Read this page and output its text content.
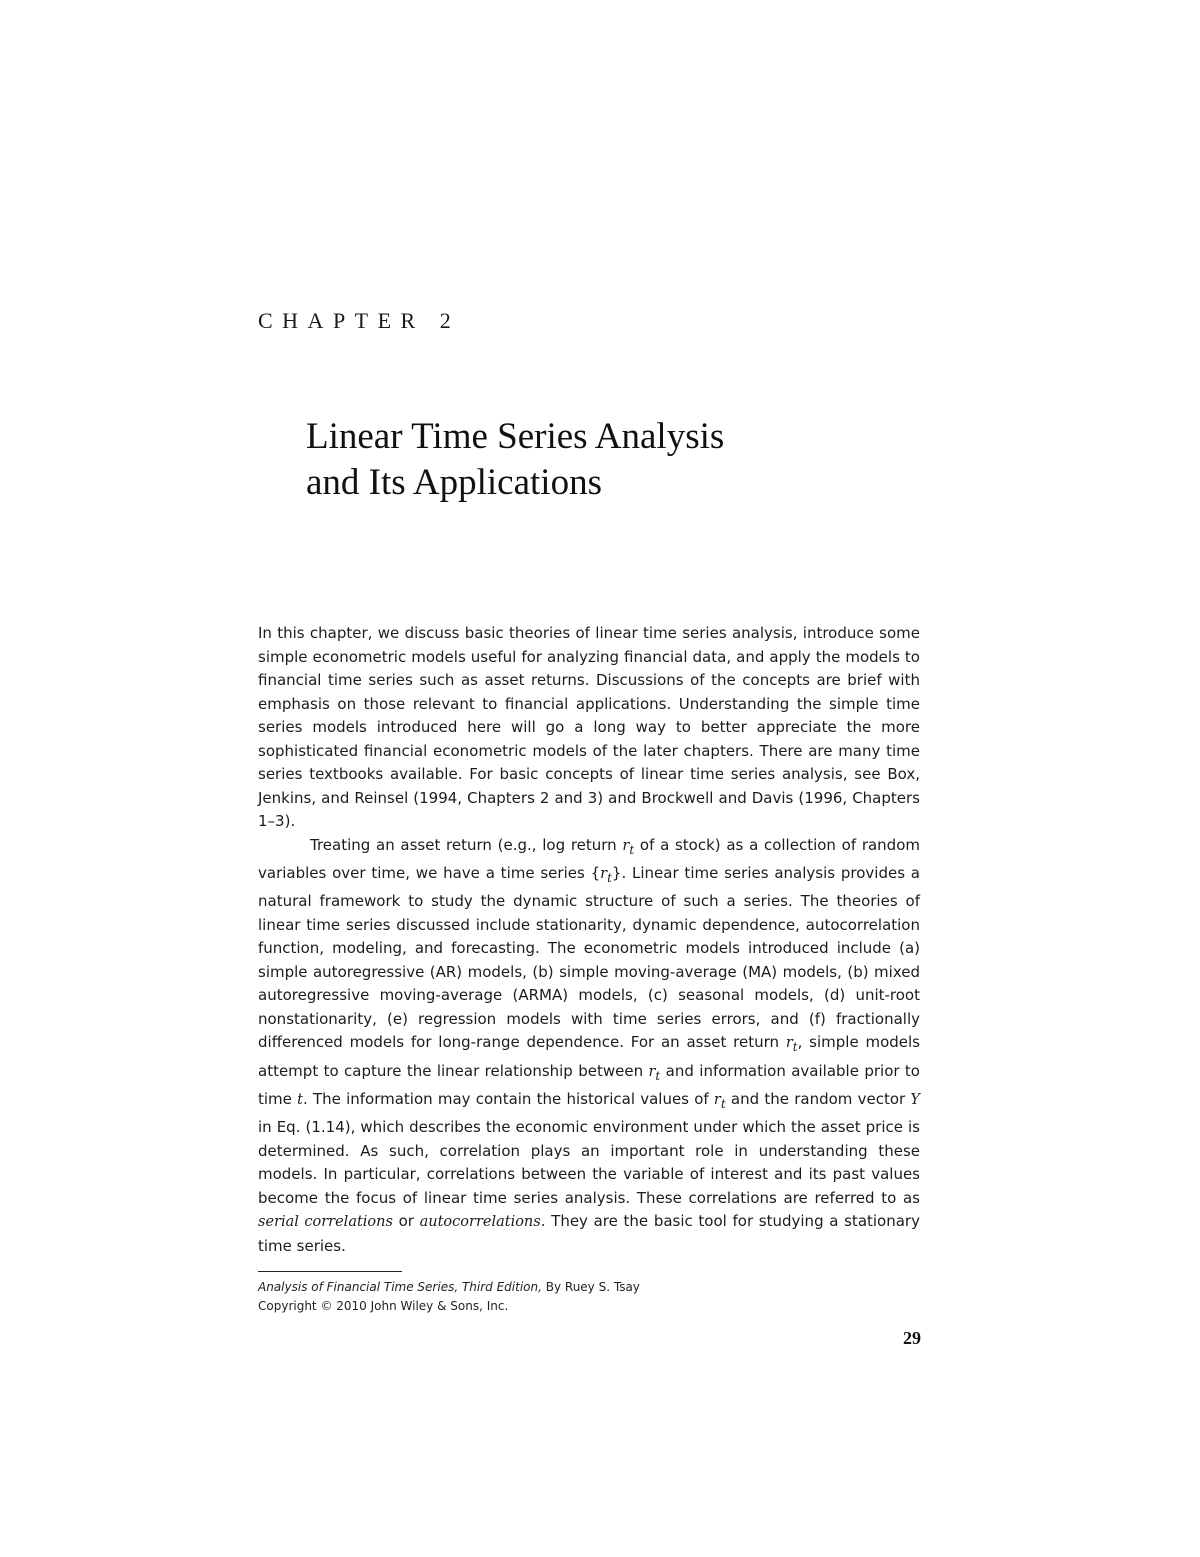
CHAPTER 2
Linear Time Series Analysis
and Its Applications

In this chapter, we discuss basic theories of linear time series analysis, introduce some simple econometric models useful for analyzing financial data, and apply the models to financial time series such as asset returns. Discussions of the concepts are brief with emphasis on those relevant to financial applications. Understanding the simple time series models introduced here will go a long way to better appreciate the more sophisticated financial econometric models of the later chapters. There are many time series textbooks available. For basic concepts of linear time series analysis, see Box, Jenkins, and Reinsel (1994, Chapters 2 and 3) and Brockwell and Davis (1996, Chapters 1–3).

Treating an asset return (e.g., log return $r_t$ of a stock) as a collection of random variables over time, we have a time series $\{r_t\}$. Linear time series analysis provides a natural framework to study the dynamic structure of such a series. The theories of linear time series discussed include stationarity, dynamic dependence, autocorrelation function, modeling, and forecasting. The econometric models introduced include (a) simple autoregressive (AR) models, (b) simple moving-average (MA) models, (b) mixed autoregressive moving-average (ARMA) models, (c) seasonal models, (d) unit-root nonstationarity, (e) regression models with time series errors, and (f) fractionally differenced models for long-range dependence. For an asset return $r_t$, simple models attempt to capture the linear relationship between $r_t$ and information available prior to time t. The information may contain the historical values of $r_t$ and the random vector Y in Eq. (1.14), which describes the economic environment under which the asset price is determined. As such, correlation plays an important role in understanding these models. In particular, correlations between the variable of interest and its past values become the focus of linear time series analysis. These correlations are referred to as serial correlations or autocorrelations. They are the basic tool for studying a stationary time series.

Analysis of Financial Time Series, Third Edition, By Ruey S. Tsay
Copyright © 2010 John Wiley & Sons, Inc.
29
